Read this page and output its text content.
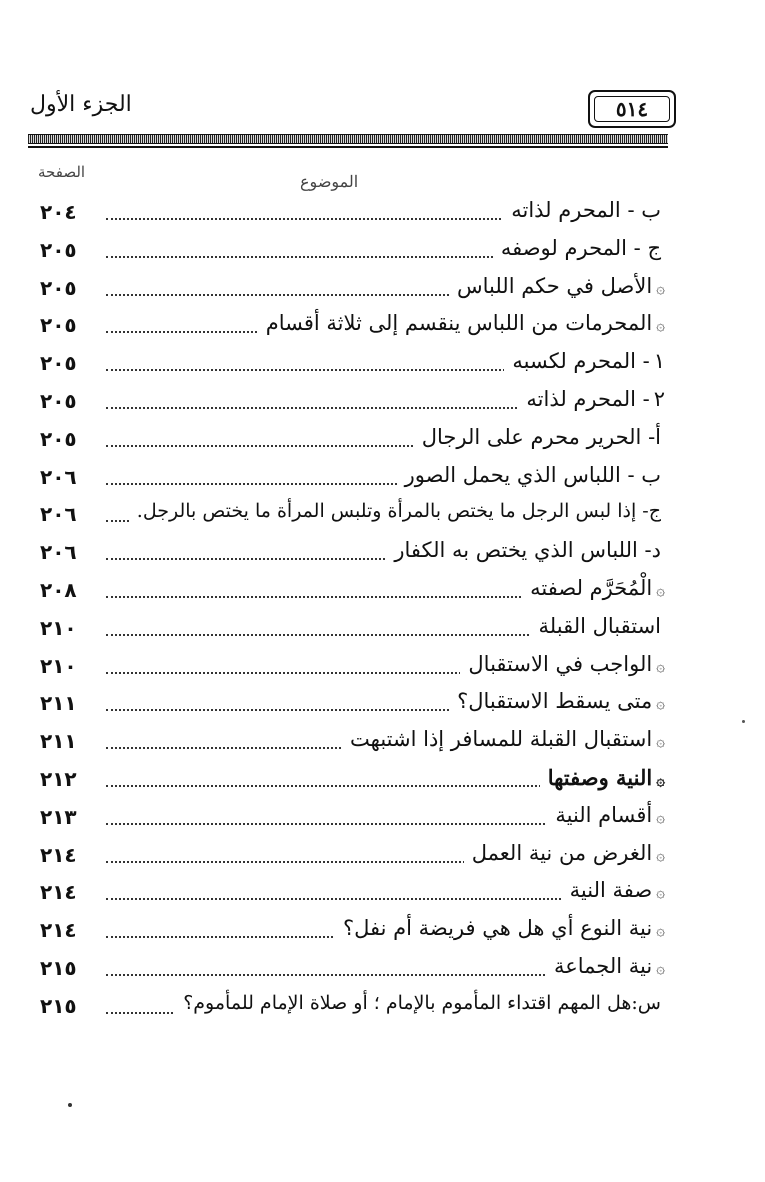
الجزء الأول	٥١٤
الصفحة	الموضوع
٢٠٤	ب - المحرم لذاته
٢٠٥	ج - المحرم لوصفه
٢٠٥	۞الأصل في حكم اللباس
٢٠٥	۞المحرمات من اللباس ينقسم إلى ثلاثة أقسام
٢٠٥	١- المحرم لكسبه
٢٠٥	٢- المحرم لذاته
٢٠٥	أ- الحرير محرم على الرجال
٢٠٦	ب - اللباس الذي يحمل الصور
٢٠٦	ج- إذا لبس الرجل ما يختص بالمرأة وتلبس المرأة ما يختص بالرجل.
٢٠٦	د- اللباس الذي يختص به الكفار
٢٠٨	۞الْمُحَرَّم لصفته
٢١٠	استقبال القبلة
٢١٠	۞الواجب في الاستقبال
٢١١	۞متى يسقط الاستقبال؟
٢١١	۞استقبال القبلة للمسافر إذا اشتبهت
٢١٢	۞النية وصفتها
٢١٣	۞أقسام النية
٢١٤	۞الغرض من نية العمل
٢١٤	۞صفة النية
٢١٤	۞نية النوع أي هل هي فريضة أم نفل؟
٢١٥	۞نية الجماعة
٢١٥	س:هل المهم اقتداء المأموم بالإمام ؛ أو صلاة الإمام للمأموم؟
